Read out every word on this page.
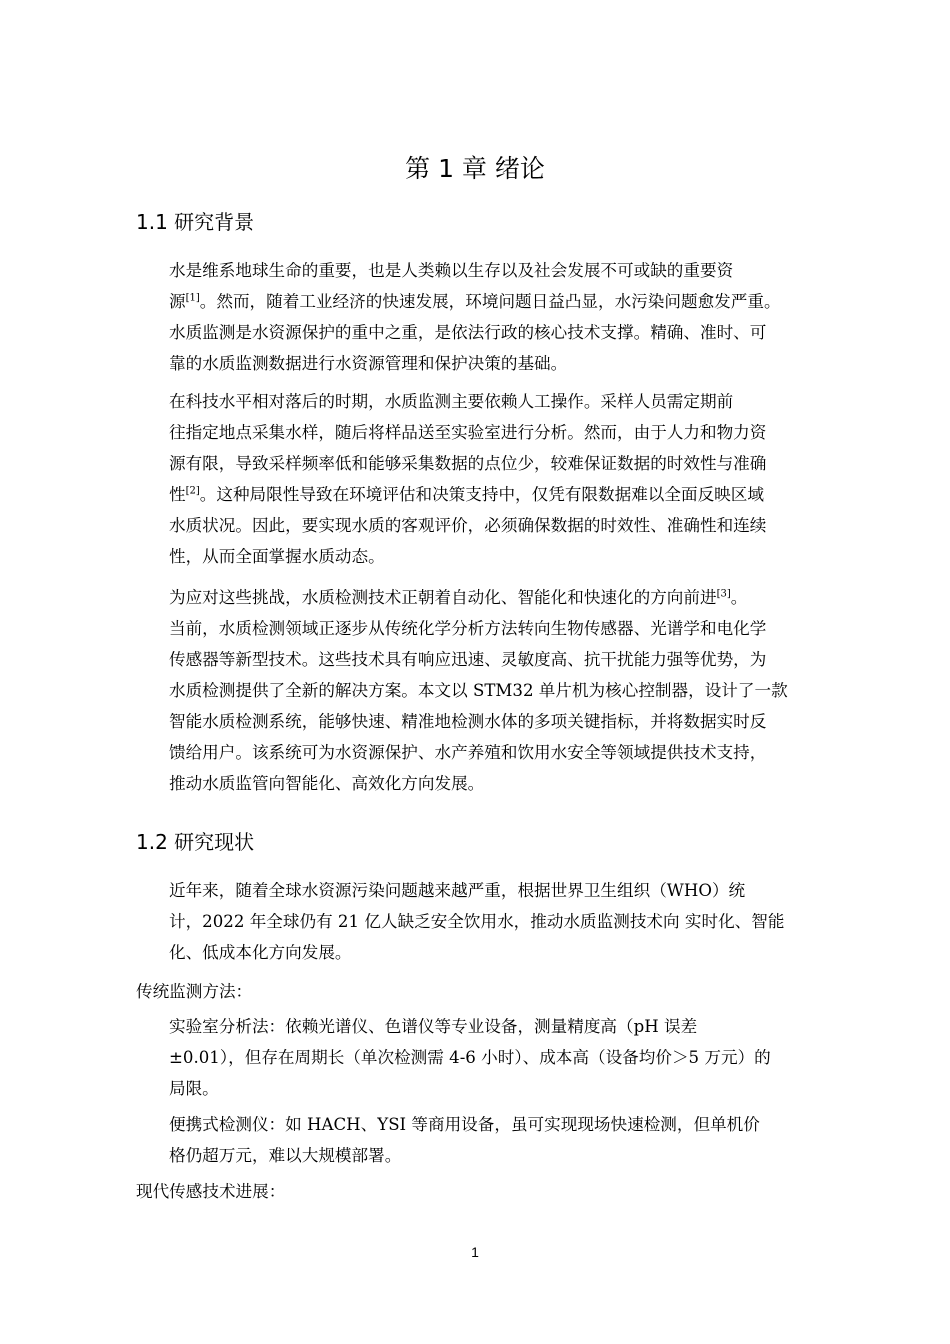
第 1 章 绪论
1.1 研究背景
水是维系地球生命的重要，也是人类赖以生存以及社会发展不可或缺的重要资
源[1]。然而，随着工业经济的快速发展，环境问题日益凸显，水污染问题愈发严重。
水质监测是水资源保护的重中之重，是依法行政的核心技术支撑。精确、准时、可
靠的水质监测数据进行水资源管理和保护决策的基础。
在科技水平相对落后的时期，水质监测主要依赖人工操作。采样人员需定期前
往指定地点采集水样，随后将样品送至实验室进行分析。然而，由于人力和物力资
源有限，导致采样频率低和能够采集数据的点位少，较难保证数据的时效性与准确
性[2]。这种局限性导致在环境评估和决策支持中，仅凭有限数据难以全面反映区域
水质状况。因此，要实现水质的客观评价，必须确保数据的时效性、准确性和连续
性，从而全面掌握水质动态。
为应对这些挑战，水质检测技术正朝着自动化、智能化和快速化的方向前进[3]。
当前，水质检测领域正逐步从传统化学分析方法转向生物传感器、光谱学和电化学
传感器等新型技术。这些技术具有响应迅速、灵敏度高、抗干扰能力强等优势，为
水质检测提供了全新的解决方案。本文以 STM32 单片机为核心控制器，设计了一款
智能水质检测系统，能够快速、精准地检测水体的多项关键指标，并将数据实时反
馈给用户。该系统可为水资源保护、水产养殖和饮用水安全等领域提供技术支持，
推动水质监管向智能化、高效化方向发展。
1.2 研究现状
近年来，随着全球水资源污染问题越来越严重，根据世界卫生组织（WHO）统
计，2022 年全球仍有 21 亿人缺乏安全饮用水，推动水质监测技术向 实时化、智能
化、低成本化方向发展。
传统监测方法：
实验室分析法：依赖光谱仪、色谱仪等专业设备，测量精度高（pH 误差
±0.01），但存在周期长（单次检测需 4-6 小时）、成本高（设备均价＞5 万元）的
局限。
便携式检测仪：如 HACH、YSI 等商用设备，虽可实现现场快速检测，但单机价
格仍超万元，难以大规模部署。
现代传感技术进展：
1
